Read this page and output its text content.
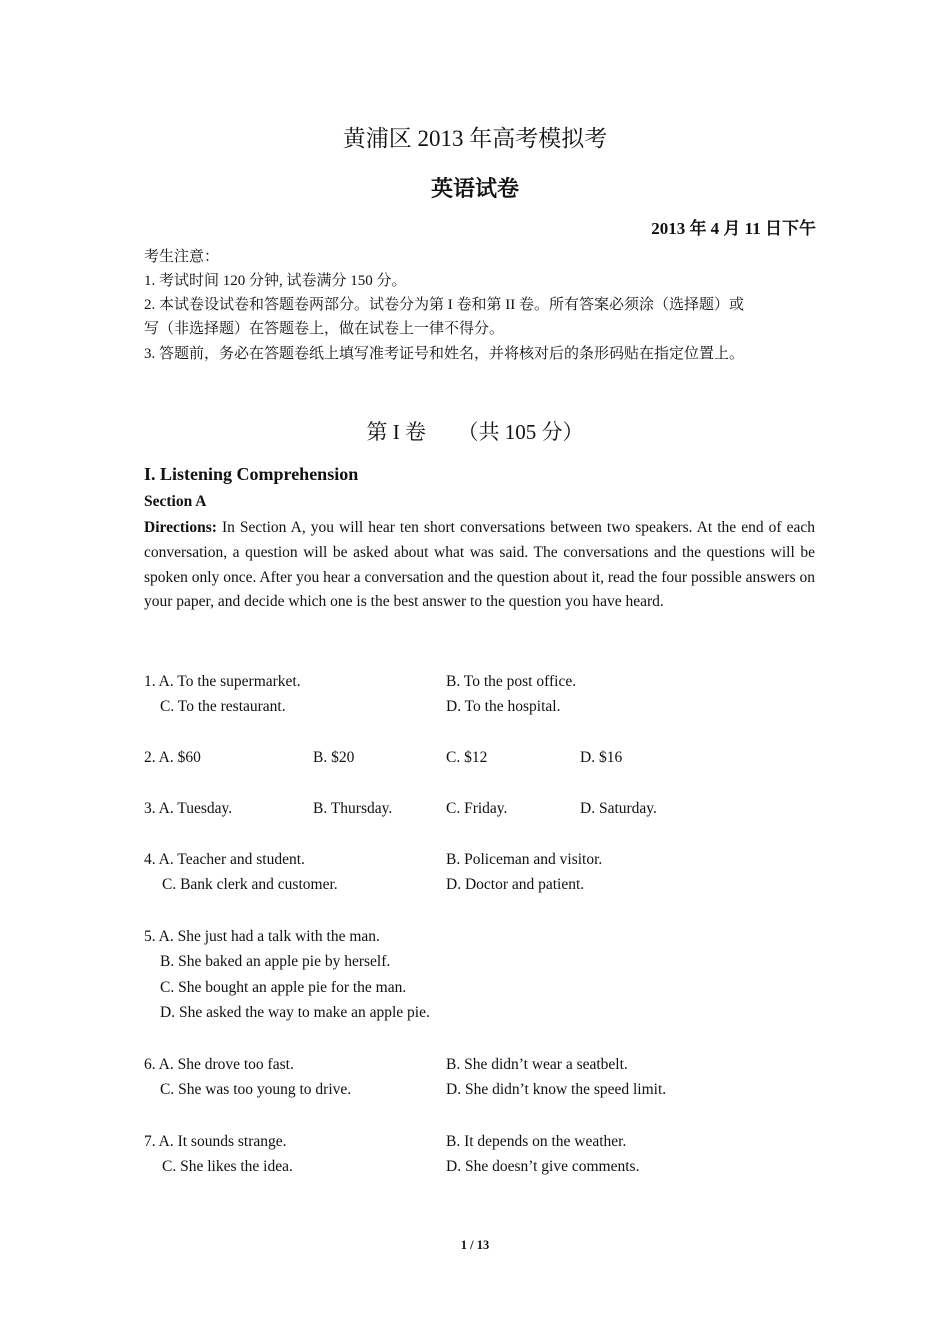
黄浦区 2013 年高考模拟考
英语试卷
2013 年 4 月 11 日下午
考生注意：
1. 考试时间 120 分钟, 试卷满分 150 分。
2. 本试卷设试卷和答题卷两部分。试卷分为第 I 卷和第 II 卷。所有答案必须涂（选择题）或
写（非选择题）在答题卷上，做在试卷上一律不得分。
3. 答题前，务必在答题卷纸上填写准考证号和姓名，并将核对后的条形码贴在指定位置上。
第 I 卷　　（共 105 分）
I. Listening Comprehension
Section A
Directions: In Section A, you will hear ten short conversations between two speakers. At the end of each conversation, a question will be asked about what was said. The conversations and the questions will be spoken only once. After you hear a conversation and the question about it, read the four possible answers on your paper, and decide which one is the best answer to the question you have heard.
1. A. To the supermarket.	B. To the post office.
C. To the restaurant.	D. To the hospital.
2. A. $60	B. $20	C. $12	D. $16
3. A. Tuesday.	B. Thursday.	C. Friday.	D. Saturday.
4. A. Teacher and student.	B. Policeman and visitor.
C. Bank clerk and customer.	D. Doctor and patient.
5. A. She just had a talk with the man.
B. She baked an apple pie by herself.
C. She bought an apple pie for the man.
D. She asked the way to make an apple pie.
6. A. She drove too fast.	B. She didn’t wear a seatbelt.
C. She was too young to drive.	D. She didn’t know the speed limit.
7. A. It sounds strange.	B. It depends on the weather.
C. She likes the idea.	D. She doesn’t give comments.
1 / 13
